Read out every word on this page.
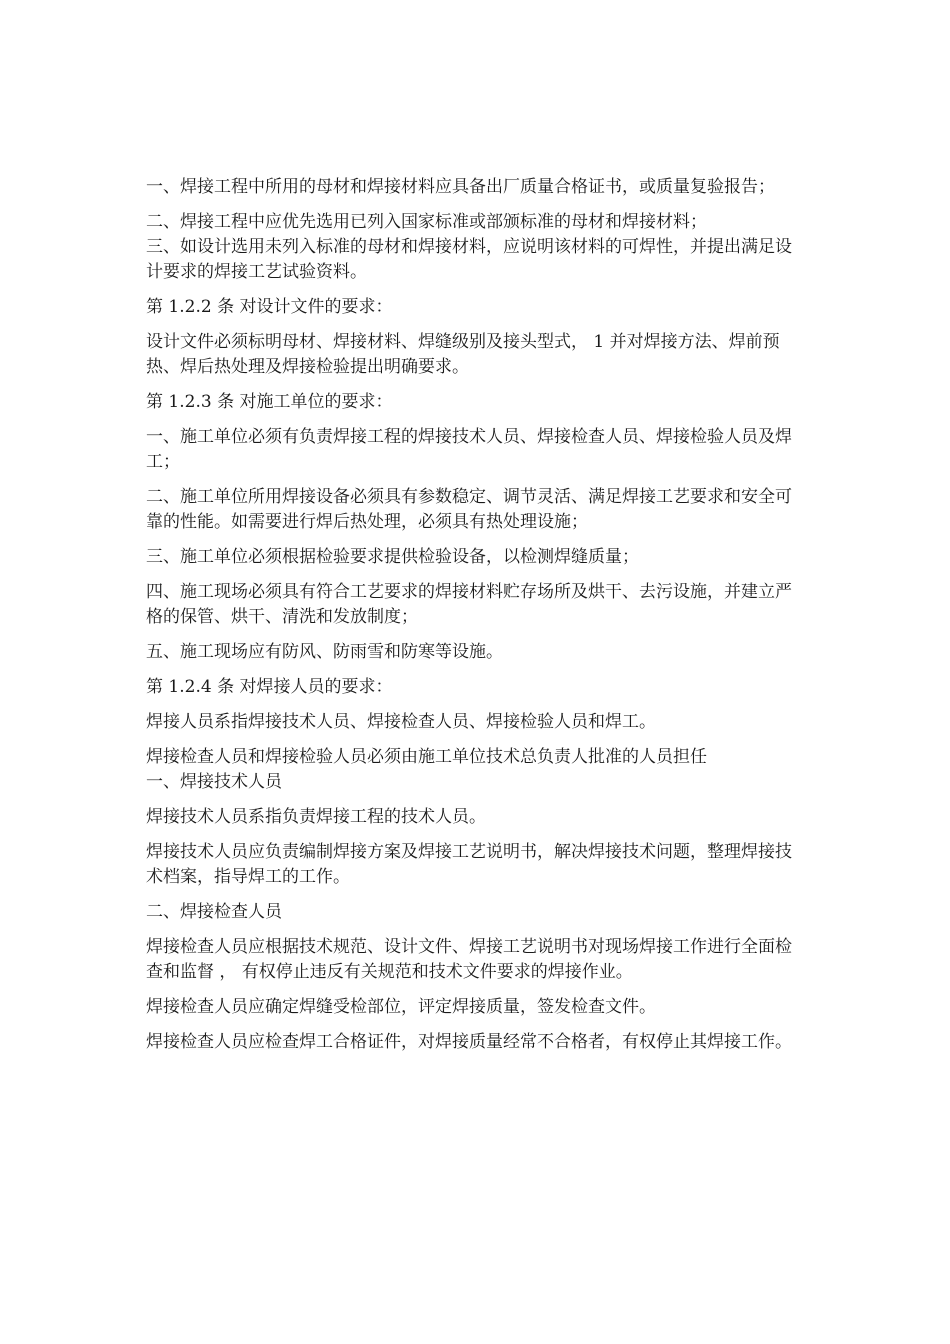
一、焊接工程中所用的母材和焊接材料应具备出厂质量合格证书，或质量复验报告；

二、焊接工程中应优先选用已列入国家标准或部颁标准的母材和焊接材料；

三、如设计选用未列入标准的母材和焊接材料，应说明该材料的可焊性，并提出满足设计要求的焊接工艺试验资料。

第 1.2.2 条 对设计文件的要求：

设计文件必须标明母材、焊接材料、焊缝级别及接头型式， 1 并对焊接方法、焊前预热、焊后热处理及焊接检验提出明确要求。

第 1.2.3 条 对施工单位的要求：

一、施工单位必须有负责焊接工程的焊接技术人员、焊接检查人员、焊接检验人员及焊工；

二、施工单位所用焊接设备必须具有参数稳定、调节灵活、满足焊接工艺要求和安全可靠的性能。如需要进行焊后热处理，必须具有热处理设施；

三、施工单位必须根据检验要求提供检验设备，以检测焊缝质量；

四、施工现场必须具有符合工艺要求的焊接材料贮存场所及烘干、去污设施，并建立严格的保管、烘干、清洗和发放制度；

五、施工现场应有防风、防雨雪和防寒等设施。

第 1.2.4 条 对焊接人员的要求：

焊接人员系指焊接技术人员、焊接检查人员、焊接检验人员和焊工。

焊接检查人员和焊接检验人员必须由施工单位技术总负责人批准的人员担任

一、焊接技术人员

焊接技术人员系指负责焊接工程的技术人员。

焊接技术人员应负责编制焊接方案及焊接工艺说明书，解决焊接技术问题，整理焊接技术档案，指导焊工的工作。

二、焊接检查人员

焊接检查人员应根据技术规范、设计文件、焊接工艺说明书对现场焊接工作进行全面检查和监督 ， 有权停止违反有关规范和技术文件要求的焊接作业。

焊接检查人员应确定焊缝受检部位，评定焊接质量，签发检查文件。

焊接检查人员应检查焊工合格证件，对焊接质量经常不合格者，有权停止其焊接工作。
